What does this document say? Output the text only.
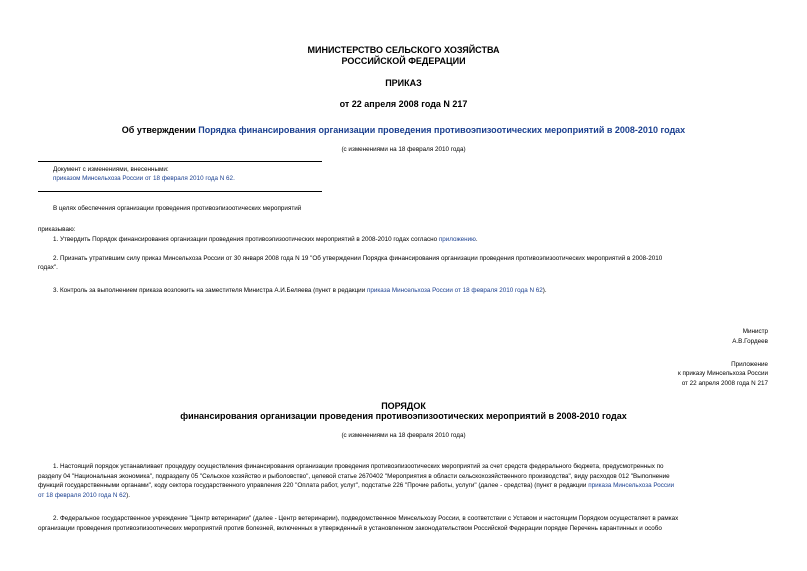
МИНИСТЕРСТВО СЕЛЬСКОГО ХОЗЯЙСТВА
РОССИЙСКОЙ ФЕДЕРАЦИИ
ПРИКАЗ
от 22 апреля 2008 года N 217
Об утверждении Порядка финансирования организации проведения противоэпизоотических мероприятий в 2008-2010 годах
(с изменениями на 18 февраля 2010 года)
Документ с изменениями, внесенными:
приказом Минсельхоза России от 18 февраля 2010 года N 62.
В целях обеспечения организации проведения противоэпизоотических мероприятий
приказываю:
1. Утвердить Порядок финансирования организации проведения противоэпизоотических мероприятий в 2008-2010 годах согласно приложению.
2. Признать утратившим силу приказ Минсельхоза России от 30 января 2008 года N 19 "Об утверждении Порядка финансирования организации проведения противоэпизоотических мероприятий в 2008-2010
годах".
3. Контроль за выполнением приказа возложить на заместителя Министра А.И.Беляева (пункт в редакции приказа Минсельхоза России от 18 февраля 2010 года N 62).
Министр
А.В.Гордеев
Приложение
к приказу Минсельхоза России
от 22 апреля 2008 года N 217
ПОРЯДОК
финансирования организации проведения противоэпизоотических мероприятий в 2008-2010 годах
(с изменениями на 18 февраля 2010 года)
1. Настоящий порядок устанавливает процедуру осуществления финансирования организации проведения противоэпизоотических мероприятий за счет средств федерального бюджета, предусмотренных по
разделу 04 "Национальная экономика", подразделу 05 "Сельское хозяйство и рыболовство", целевой статье 2670402 "Мероприятия в области сельскохозяйственного производства", виду расходов 012 "Выполнение
функций государственными органами", коду сектора государственного управления 220 "Оплата работ, услуг", подстатье 226 "Прочие работы, услуги" (далее - средства) (пункт в редакции приказа Минсельхоза России
от 18 февраля 2010 года N 62).
2. Федеральное государственное учреждение "Центр ветеринарии" (далее - Центр ветеринарии), подведомственное Минсельхозу России, в соответствии с Уставом и настоящим Порядком осуществляет в рамках
организации проведения противоэпизоотических мероприятий против болезней, включенных в утвержденный в установленном законодательством Российской Федерации порядке Перечень карантинных и особо
